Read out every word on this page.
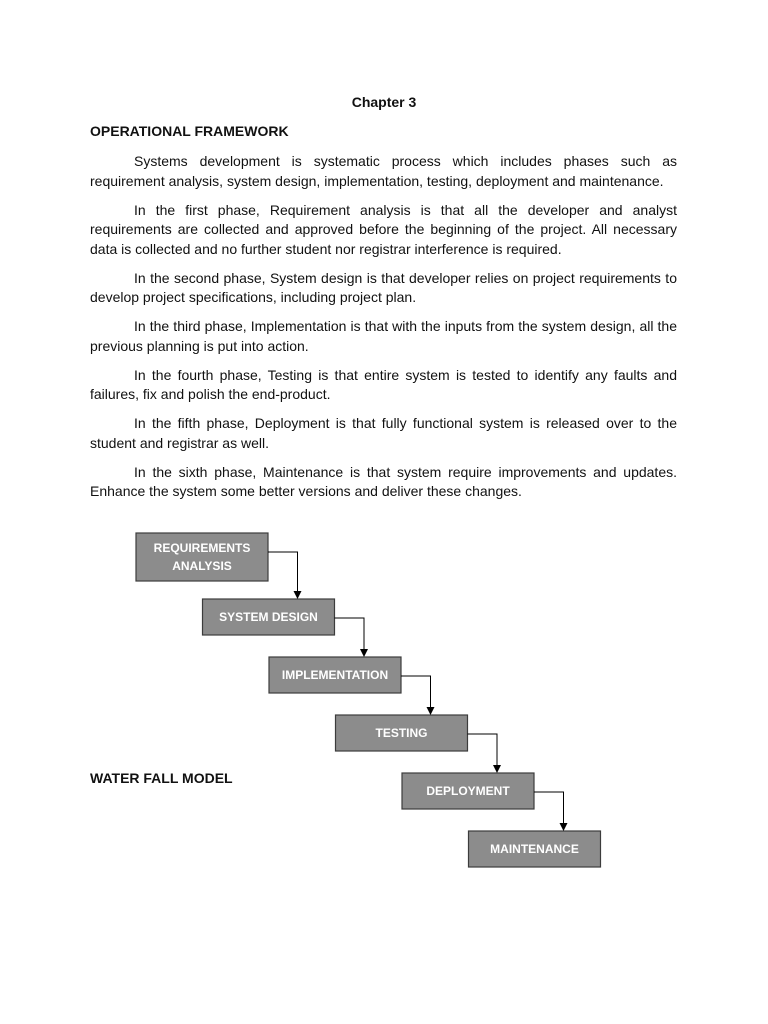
Chapter 3
OPERATIONAL FRAMEWORK

Systems development is systematic process which includes phases such as requirement analysis, system design, implementation, testing, deployment and maintenance.

In the first phase, Requirement analysis is that all the developer and analyst requirements are collected and approved before the beginning of the project. All necessary data is collected and no further student nor registrar interference is required.

In the second phase, System design is that developer relies on project requirements to develop project specifications, including project plan.

In the third phase, Implementation is that with the inputs from the system design, all the previous planning is put into action.

In the fourth phase, Testing is that entire system is tested to identify any faults and failures, fix and polish the end-product.

In the fifth phase, Deployment is that fully functional system is released over to the student and registrar as well.

In the sixth phase, Maintenance is that system require improvements and updates. Enhance the system some better versions and deliver these changes.

WATER FALL MODEL
REQUIREMENTS
ANALYSIS
SYSTEM DESIGN
IMPLEMENTATION
TESTING
DEPLOYMENT
MAINTENANCE
